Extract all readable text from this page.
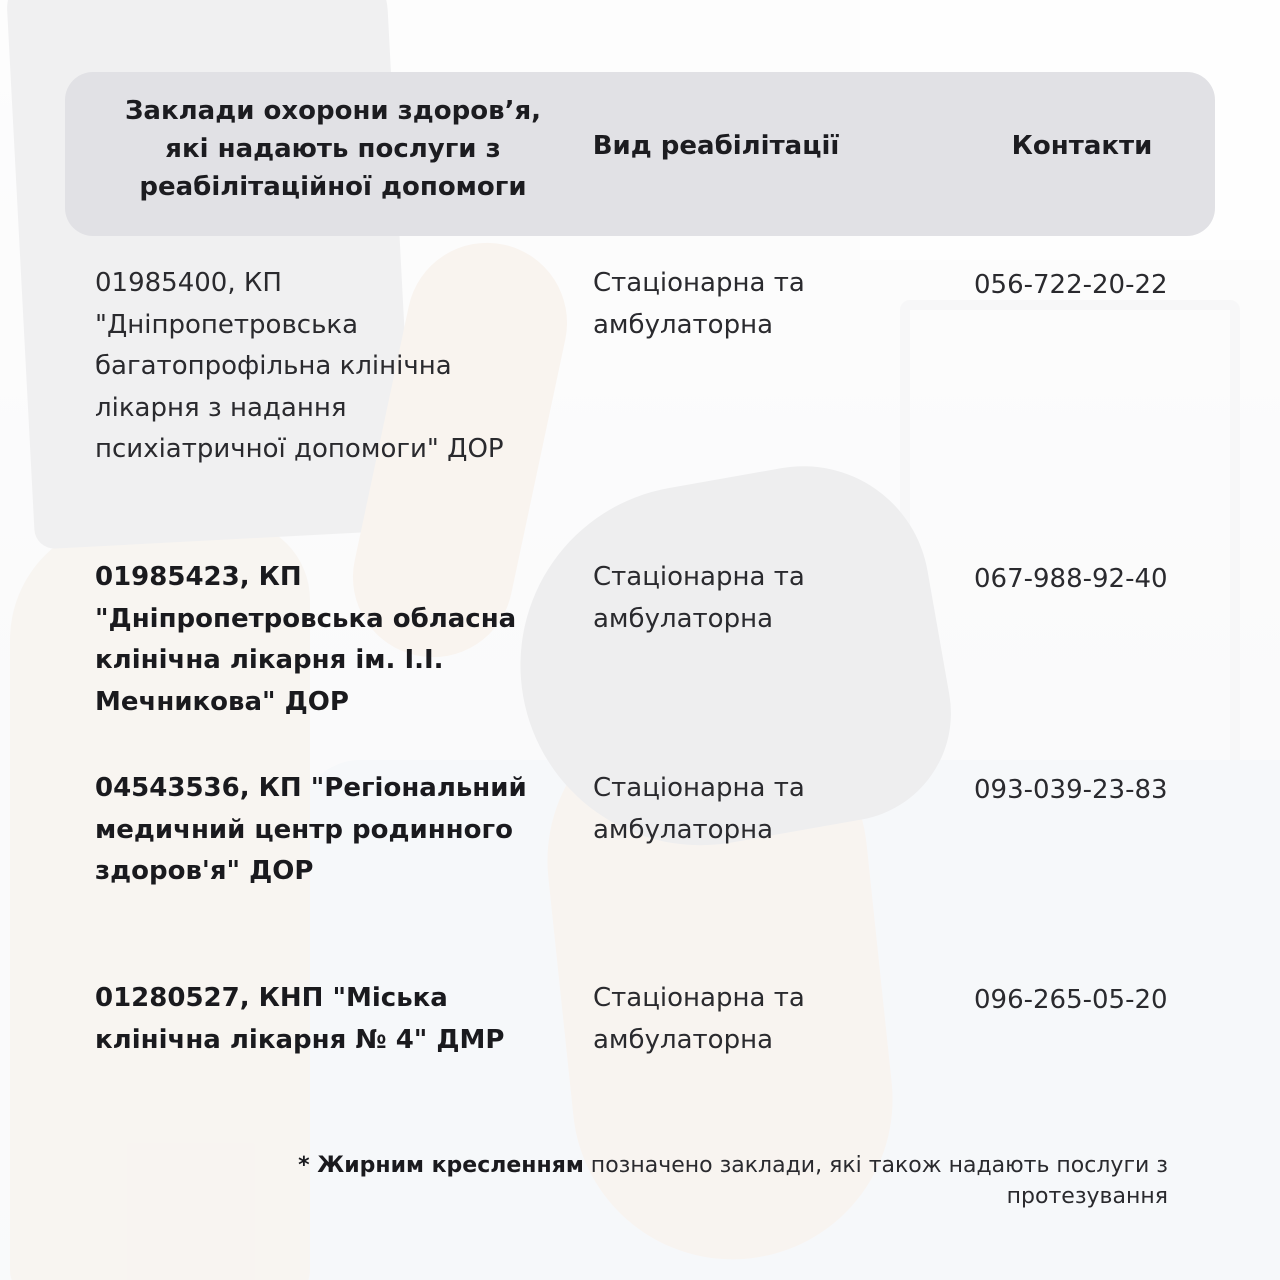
Заклади охорони здоров’я, які надають послуги з реабілітаційної допомоги
Вид реабілітації	Контакти
01985400, КП "Дніпропетровська багатопрофільна клінічна лікарня з надання психіатричної допомоги" ДОР
Стаціонарна та амбулаторна
056-722-20-22
01985423, КП "Дніпропетровська обласна клінічна лікарня ім. І.І. Мечникова" ДОР
Стаціонарна та амбулаторна
067-988-92-40
04543536, КП "Регіональний медичний центр родинного здоров'я" ДОР
Стаціонарна та амбулаторна
093-039-23-83
01280527, КНП "Міська клінічна лікарня № 4" ДМР
Стаціонарна та амбулаторна
096-265-05-20
* Жирним кресленням позначено заклади, які також надають послуги з протезування
